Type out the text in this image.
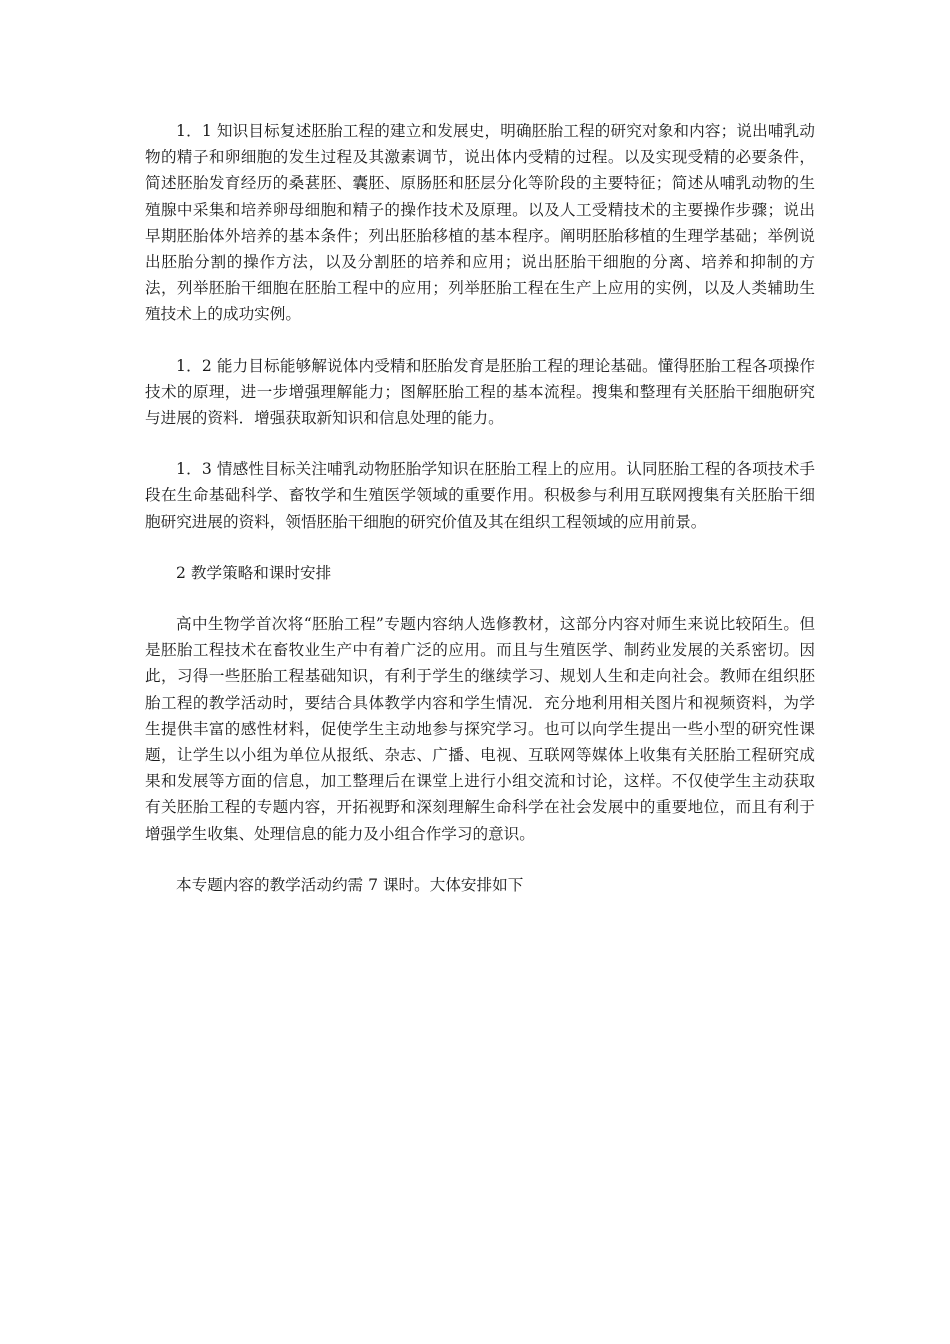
1．1 知识目标复述胚胎工程的建立和发展史，明确胚胎工程的研究对象和内容；说出哺乳动物的精子和卵细胞的发生过程及其激素调节，说出体内受精的过程。以及实现受精的必要条件，简述胚胎发育经历的桑葚胚、囊胚、原肠胚和胚层分化等阶段的主要特征；简述从哺乳动物的生殖腺中采集和培养卵母细胞和精子的操作技术及原理。以及人工受精技术的主要操作步骤；说出早期胚胎体外培养的基本条件；列出胚胎移植的基本程序。阐明胚胎移植的生理学基础；举例说出胚胎分割的操作方法，以及分割胚的培养和应用；说出胚胎干细胞的分离、培养和抑制的方法，列举胚胎干细胞在胚胎工程中的应用；列举胚胎工程在生产上应用的实例，以及人类辅助生殖技术上的成功实例。

1．2 能力目标能够解说体内受精和胚胎发育是胚胎工程的理论基础。懂得胚胎工程各项操作技术的原理，进一步增强理解能力；图解胚胎工程的基本流程。搜集和整理有关胚胎干细胞研究与进展的资料．增强获取新知识和信息处理的能力。

1．3 情感性目标关注哺乳动物胚胎学知识在胚胎工程上的应用。认同胚胎工程的各项技术手段在生命基础科学、畜牧学和生殖医学领域的重要作用。积极参与利用互联网搜集有关胚胎干细胞研究进展的资料，领悟胚胎干细胞的研究价值及其在组织工程领域的应用前景。

2 教学策略和课时安排

高中生物学首次将“胚胎工程”专题内容纳人选修教材，这部分内容对师生来说比较陌生。但是胚胎工程技术在畜牧业生产中有着广泛的应用。而且与生殖医学、制药业发展的关系密切。因此，习得一些胚胎工程基础知识，有利于学生的继续学习、规划人生和走向社会。教师在组织胚胎工程的教学活动时，要结合具体教学内容和学生情况．充分地利用相关图片和视频资料，为学生提供丰富的感性材料，促使学生主动地参与探究学习。也可以向学生提出一些小型的研究性课题，让学生以小组为单位从报纸、杂志、广播、电视、互联网等媒体上收集有关胚胎工程研究成果和发展等方面的信息，加工整理后在课堂上进行小组交流和讨论，这样。不仅使学生主动获取有关胚胎工程的专题内容，开拓视野和深刻理解生命科学在社会发展中的重要地位，而且有利于增强学生收集、处理信息的能力及小组合作学习的意识。

本专题内容的教学活动约需 7 课时。大体安排如下
